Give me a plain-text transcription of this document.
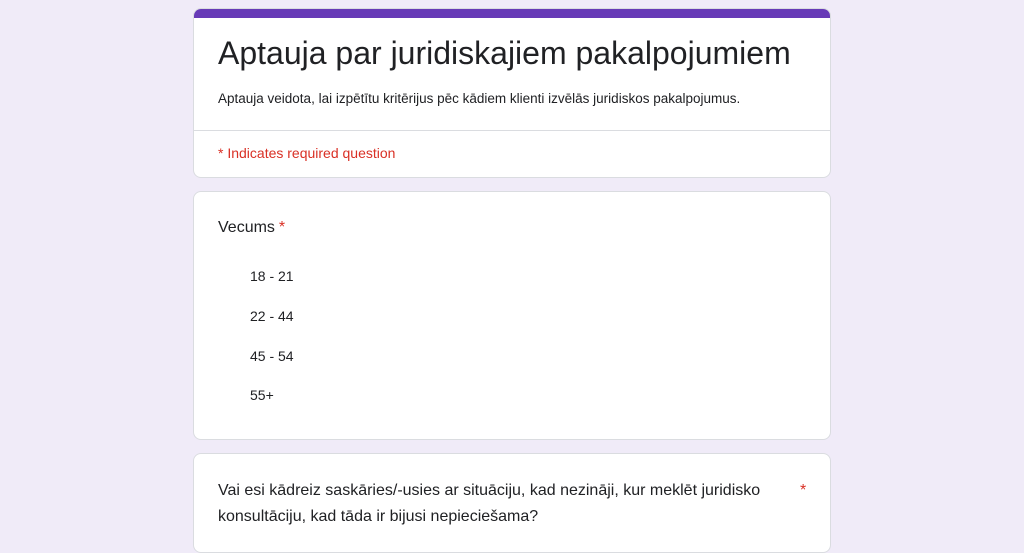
Aptauja par juridiskajiem pakalpojumiem
Aptauja veidota, lai izpētītu kritērijus pēc kādiem klienti izvēlās juridiskos pakalpojumus.
* Indicates required question
Vecums *
18 - 21
22 - 44
45 - 54
55+
Vai esi kādreiz saskāries/-usies ar situāciju, kad nezināji, kur meklēt juridisko konsultāciju, kad tāda ir bijusi nepieciešama?
*
